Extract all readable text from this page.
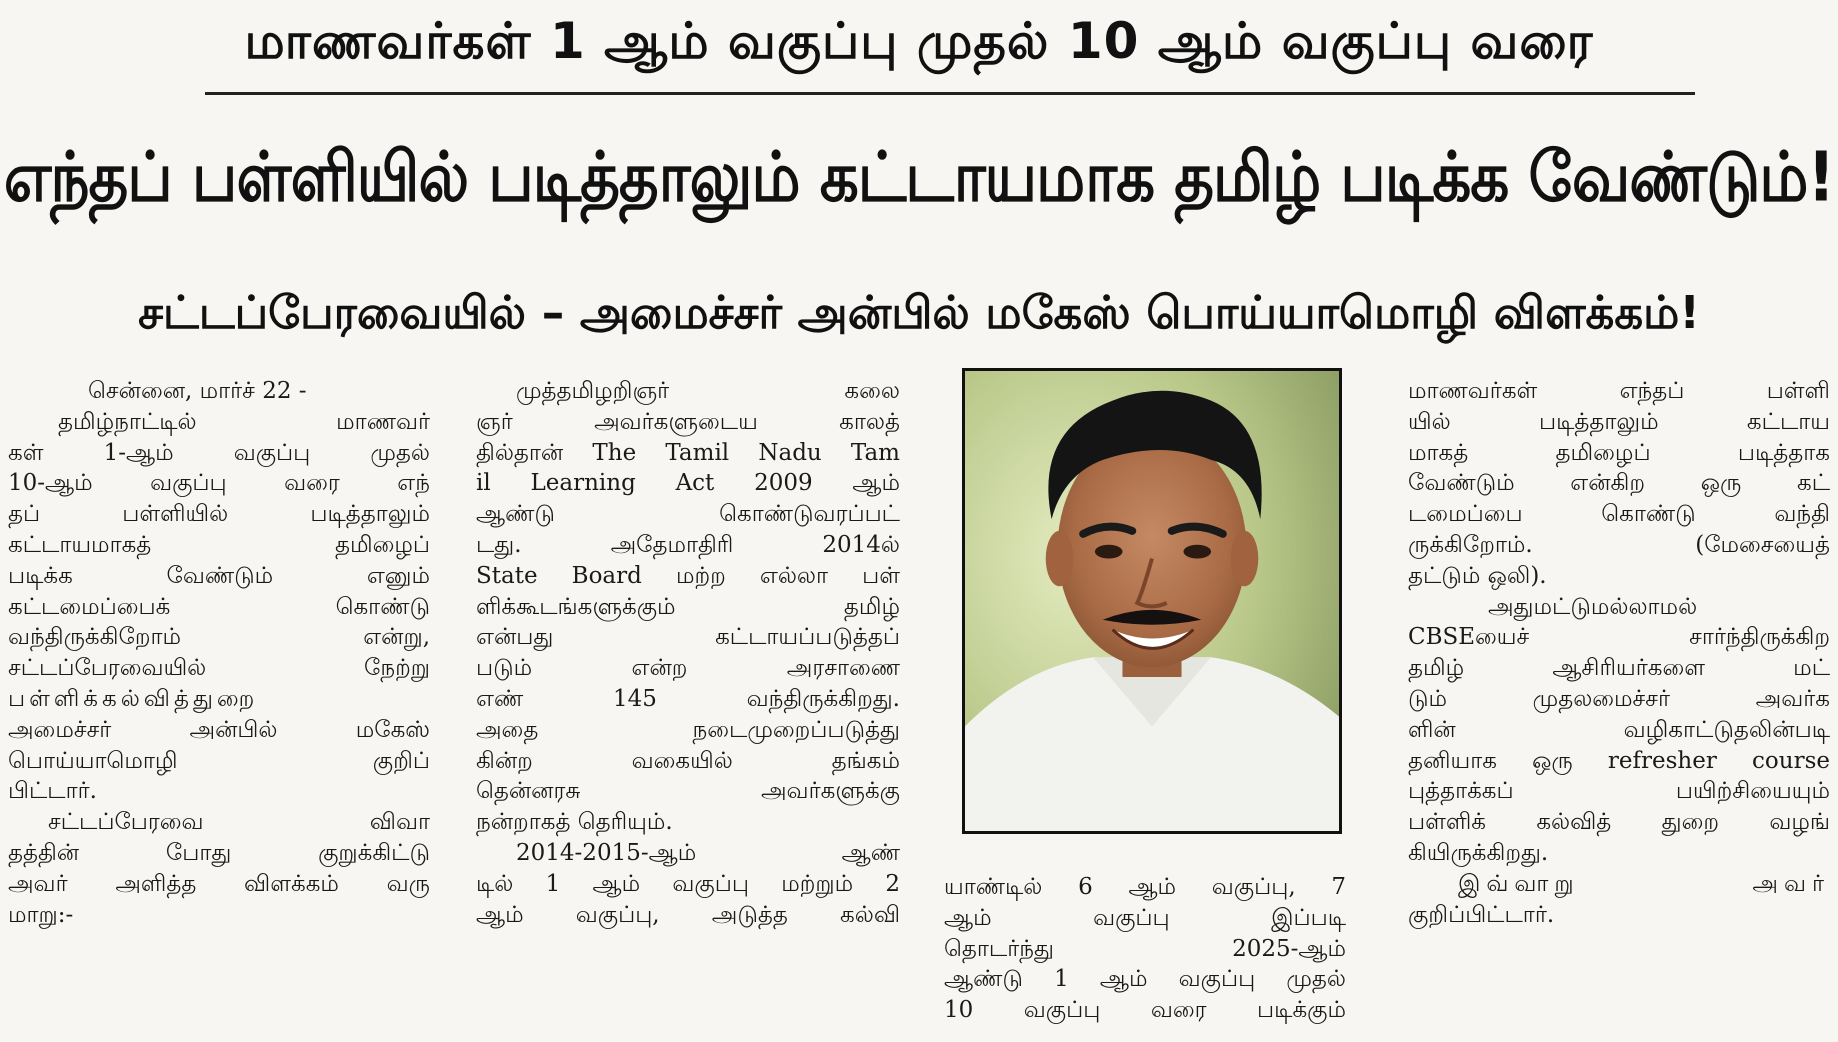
மாணவர்கள் 1 ஆம் வகுப்பு முதல் 10 ஆம் வகுப்பு வரை
எந்தப் பள்ளியில் படித்தாலும் கட்டாயமாக தமிழ் படிக்க வேண்டும்!
சட்டப்பேரவையில் – அமைச்சர் அன்பில் மகேஸ் பொய்யாமொழி விளக்கம்!
சென்னை, மார்ச் 22 -
தமிழ்நாட்டில் மாணவர்
கள் 1-ஆம் வகுப்பு முதல்
10-ஆம் வகுப்பு வரை எந்
தப் பள்ளியில் படித்தாலும்
கட்டாயமாகத் தமிழைப்
படிக்க வேண்டும் எனும்
கட்டமைப்பைக் கொண்டு
வந்திருக்கிறோம் என்று,
சட்டப்பேரவையில் நேற்று
பள்ளிக்கல்வித்துறை
அமைச்சர் அன்பில் மகேஸ்
பொய்யாமொழி குறிப்
பிட்டார்.
சட்டப்பேரவை விவா
தத்தின் போது குறுக்கிட்டு
அவர் அளித்த விளக்கம் வரு
மாறு:-
முத்தமிழறிஞர் கலை
ஞர் அவர்களுடைய காலத்
தில்தான் The Tamil Nadu Tam
il Learning Act 2009 ஆம்
ஆண்டு கொண்டுவரப்பட்
டது. அதேமாதிரி 2014ல்
State Board மற்ற எல்லா பள்
ளிக்கூடங்களுக்கும் தமிழ்
என்பது கட்டாயப்படுத்தப்
படும் என்ற அரசாணை
எண் 145 வந்திருக்கிறது.
அதை நடைமுறைப்படுத்து
கின்ற வகையில் தங்கம்
தென்னரசு அவர்களுக்கு
நன்றாகத் தெரியும்.
2014-2015-ஆம் ஆண்
டில் 1 ஆம் வகுப்பு மற்றும் 2
ஆம் வகுப்பு, அடுத்த கல்வி
யாண்டில் 6 ஆம் வகுப்பு, 7
ஆம் வகுப்பு இப்படி
தொடர்ந்து 2025-ஆம்
ஆண்டு 1 ஆம் வகுப்பு முதல்
10 வகுப்பு வரை படிக்கும்
மாணவர்கள் எந்தப் பள்ளி
யில் படித்தாலும் கட்டாய
மாகத் தமிழைப் படித்தாக
வேண்டும் என்கிற ஒரு கட்
டமைப்பை கொண்டு வந்தி
ருக்கிறோம். (மேசையைத்
தட்டும் ஒலி).
அதுமட்டுமல்லாமல்
CBSEயைச் சார்ந்திருக்கிற
தமிழ் ஆசிரியர்களை மட்
டும் முதலமைச்சர் அவர்க
ளின் வழிகாட்டுதலின்படி
தனியாக ஒரு refresher course
புத்தாக்கப் பயிற்சியையும்
பள்ளிக் கல்வித் துறை வழங்
கியிருக்கிறது.
இவ்வாறு அவர்
குறிப்பிட்டார்.
